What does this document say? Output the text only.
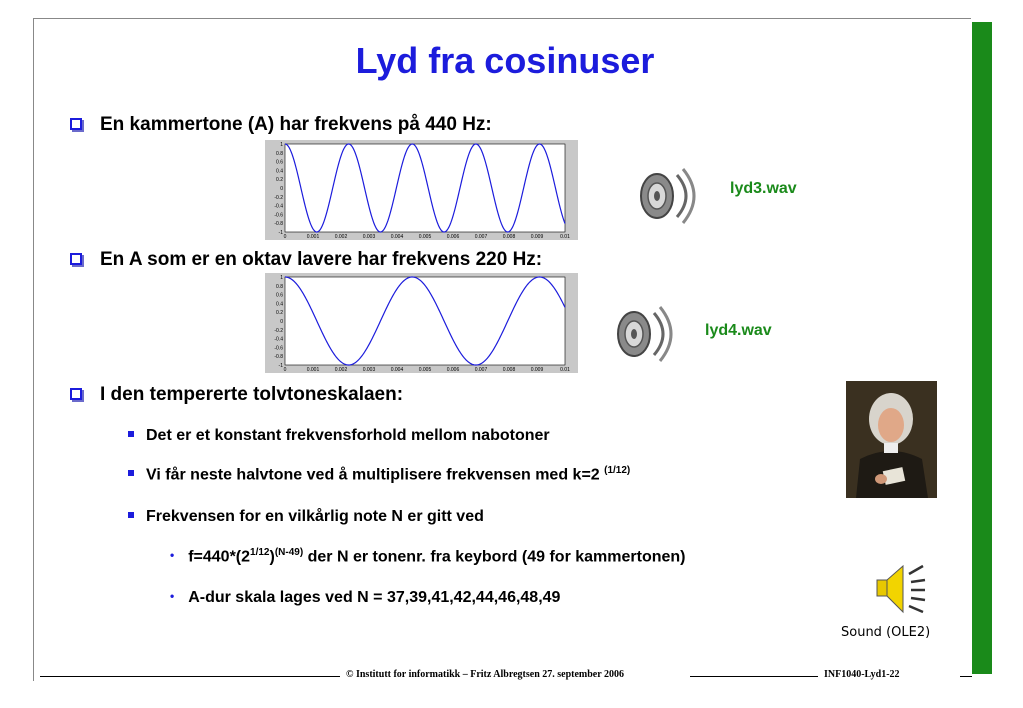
Lyd fra cosinuser
En kammertone (A) har frekvens på 440 Hz:
1
0.8
0.6
0.4
0.2
0
-0.2
-0.4
-0.6
-0.8
-1
0	0.001	0.002	0.003	0.004	0.005	0.006	0.007	0.008	0.009	0.01
lyd3.wav
En A som er en oktav lavere har frekvens 220 Hz:
1
0.8
0.6
0.4
0.2
0
-0.2
-0.4
-0.6
-0.8
-1
0	0.001	0.002	0.003	0.004	0.005	0.006	0.007	0.008	0.009	0.01
lyd4.wav
I den tempererte tolvtoneskalaen:
Det er et konstant frekvensforhold mellom nabotoner
Vi får neste halvtone ved å multiplisere frekvensen med k=2 $^{(1/12)}$
Frekvensen for en vilkårlig note N er gitt ved
• $f=440*(2^{1/12})^{(N-49)}$ der N er tonenr. fra keybord (49 for kammertonen)
• A-dur skala lages ved N = 37,39,41,42,44,46,48,49
Sound (OLE2)
© Institutt for informatikk – Fritz Albregtsen 27. september 2006	INF1040-Lyd1-22
